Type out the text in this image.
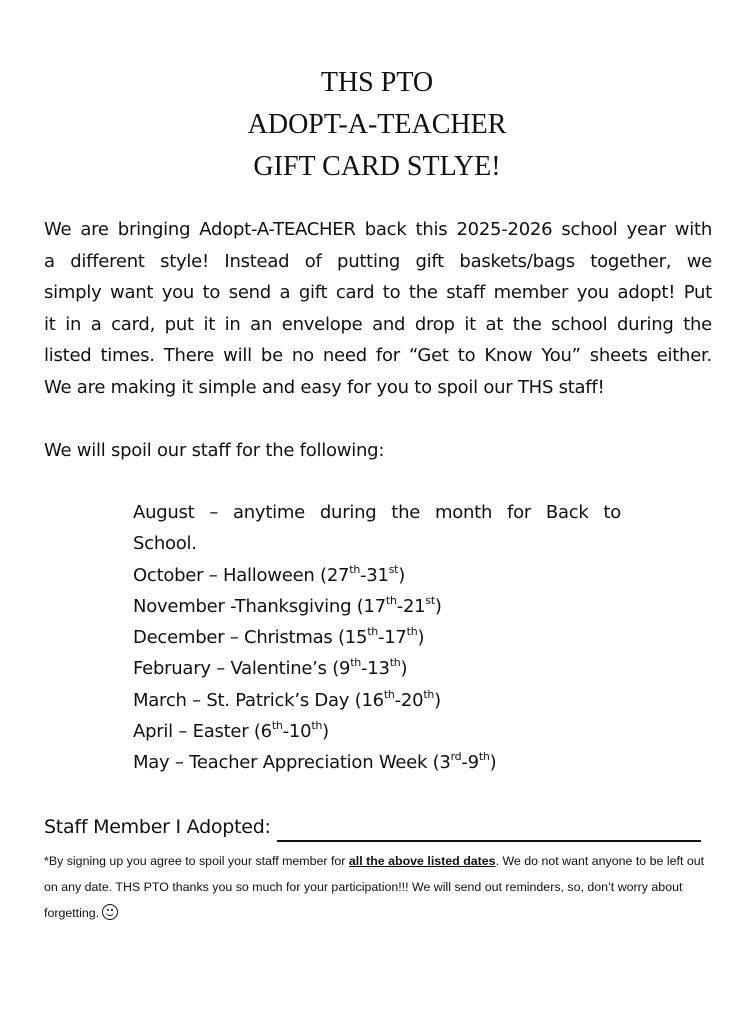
THS PTO
ADOPT-A-TEACHER
GIFT CARD STLYE!
We are bringing Adopt-A-TEACHER back this 2025-2026 school year with
a different style! Instead of putting gift baskets/bags together, we
simply want you to send a gift card to the staff member you adopt! Put
it in a card, put it in an envelope and drop it at the school during the
listed times. There will be no need for “Get to Know You” sheets either.
We are making it simple and easy for you to spoil our THS staff!
We will spoil our staff for the following:
August – anytime during the month for Back to
School.
October – Halloween (27th-31st)
November -Thanksgiving (17th-21st)
December – Christmas (15th-17th)
February – Valentine’s (9th-13th)
March – St. Patrick’s Day (16th-20th)
April – Easter (6th-10th)
May – Teacher Appreciation Week (3rd-9th)
Staff Member I Adopted:
*By signing up you agree to spoil your staff member for all the above listed dates. We do not want anyone to be left out on any date. THS PTO thanks you so much for your participation!!! We will send out reminders, so, don’t worry about forgetting.
